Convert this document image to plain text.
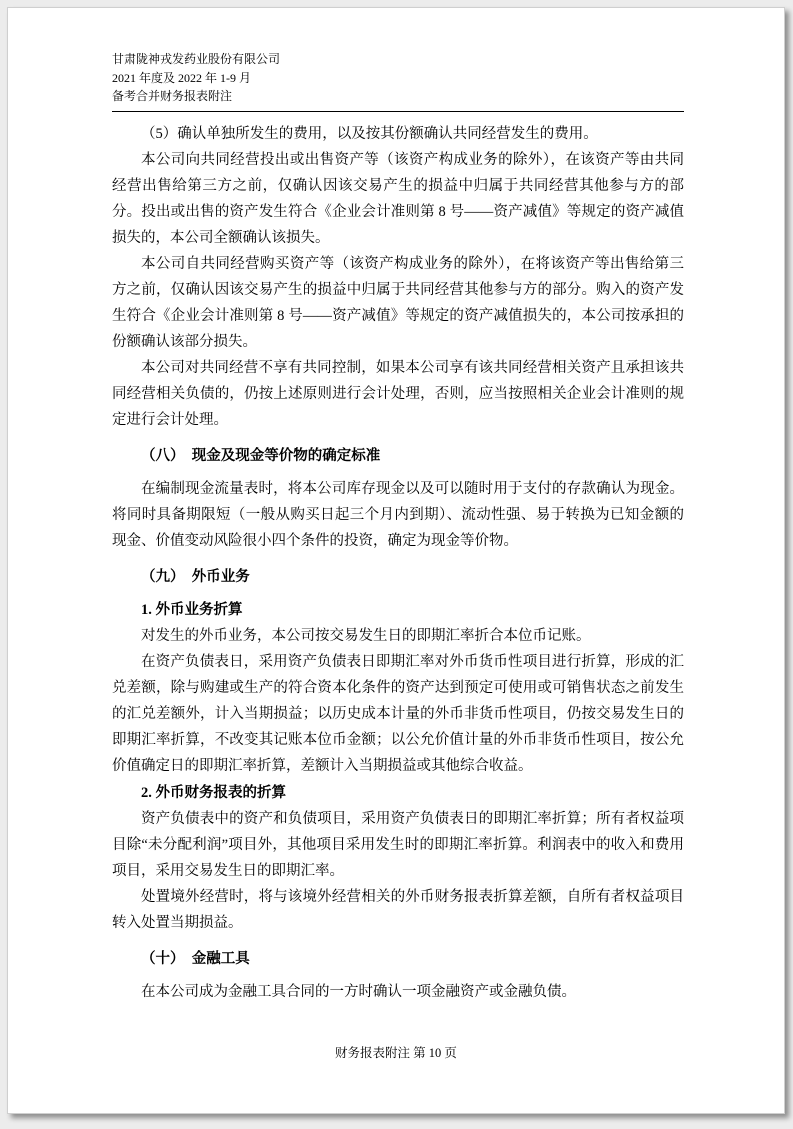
甘肃陇神戎发药业股份有限公司
2021 年度及 2022 年 1-9 月
备考合并财务报表附注

（5）确认单独所发生的费用，以及按其份额确认共同经营发生的费用。

本公司向共同经营投出或出售资产等（该资产构成业务的除外），在该资产等由共同经营出售给第三方之前，仅确认因该交易产生的损益中归属于共同经营其他参与方的部分。投出或出售的资产发生符合《企业会计准则第 8 号——资产减值》等规定的资产减值损失的，本公司全额确认该损失。

本公司自共同经营购买资产等（该资产构成业务的除外），在将该资产等出售给第三方之前，仅确认因该交易产生的损益中归属于共同经营其他参与方的部分。购入的资产发生符合《企业会计准则第 8 号——资产减值》等规定的资产减值损失的，本公司按承担的份额确认该部分损失。

本公司对共同经营不享有共同控制，如果本公司享有该共同经营相关资产且承担该共同经营相关负债的，仍按上述原则进行会计处理，否则，应当按照相关企业会计准则的规定进行会计处理。

（八）　现金及现金等价物的确定标准

在编制现金流量表时，将本公司库存现金以及可以随时用于支付的存款确认为现金。将同时具备期限短（一般从购买日起三个月内到期）、流动性强、易于转换为已知金额的现金、价值变动风险很小四个条件的投资，确定为现金等价物。

（九）　外币业务
1. 外币业务折算

对发生的外币业务，本公司按交易发生日的即期汇率折合本位币记账。

在资产负债表日，采用资产负债表日即期汇率对外币货币性项目进行折算，形成的汇兑差额，除与购建或生产的符合资本化条件的资产达到预定可使用或可销售状态之前发生的汇兑差额外，计入当期损益；以历史成本计量的外币非货币性项目，仍按交易发生日的即期汇率折算，不改变其记账本位币金额；以公允价值计量的外币非货币性项目，按公允价值确定日的即期汇率折算，差额计入当期损益或其他综合收益。

2. 外币财务报表的折算

资产负债表中的资产和负债项目，采用资产负债表日的即期汇率折算；所有者权益项目除“未分配利润”项目外，其他项目采用发生时的即期汇率折算。利润表中的收入和费用项目，采用交易发生日的即期汇率。

处置境外经营时，将与该境外经营相关的外币财务报表折算差额，自所有者权益项目转入处置当期损益。

（十）　金融工具

在本公司成为金融工具合同的一方时确认一项金融资产或金融负债。

财务报表附注 第 10 页
